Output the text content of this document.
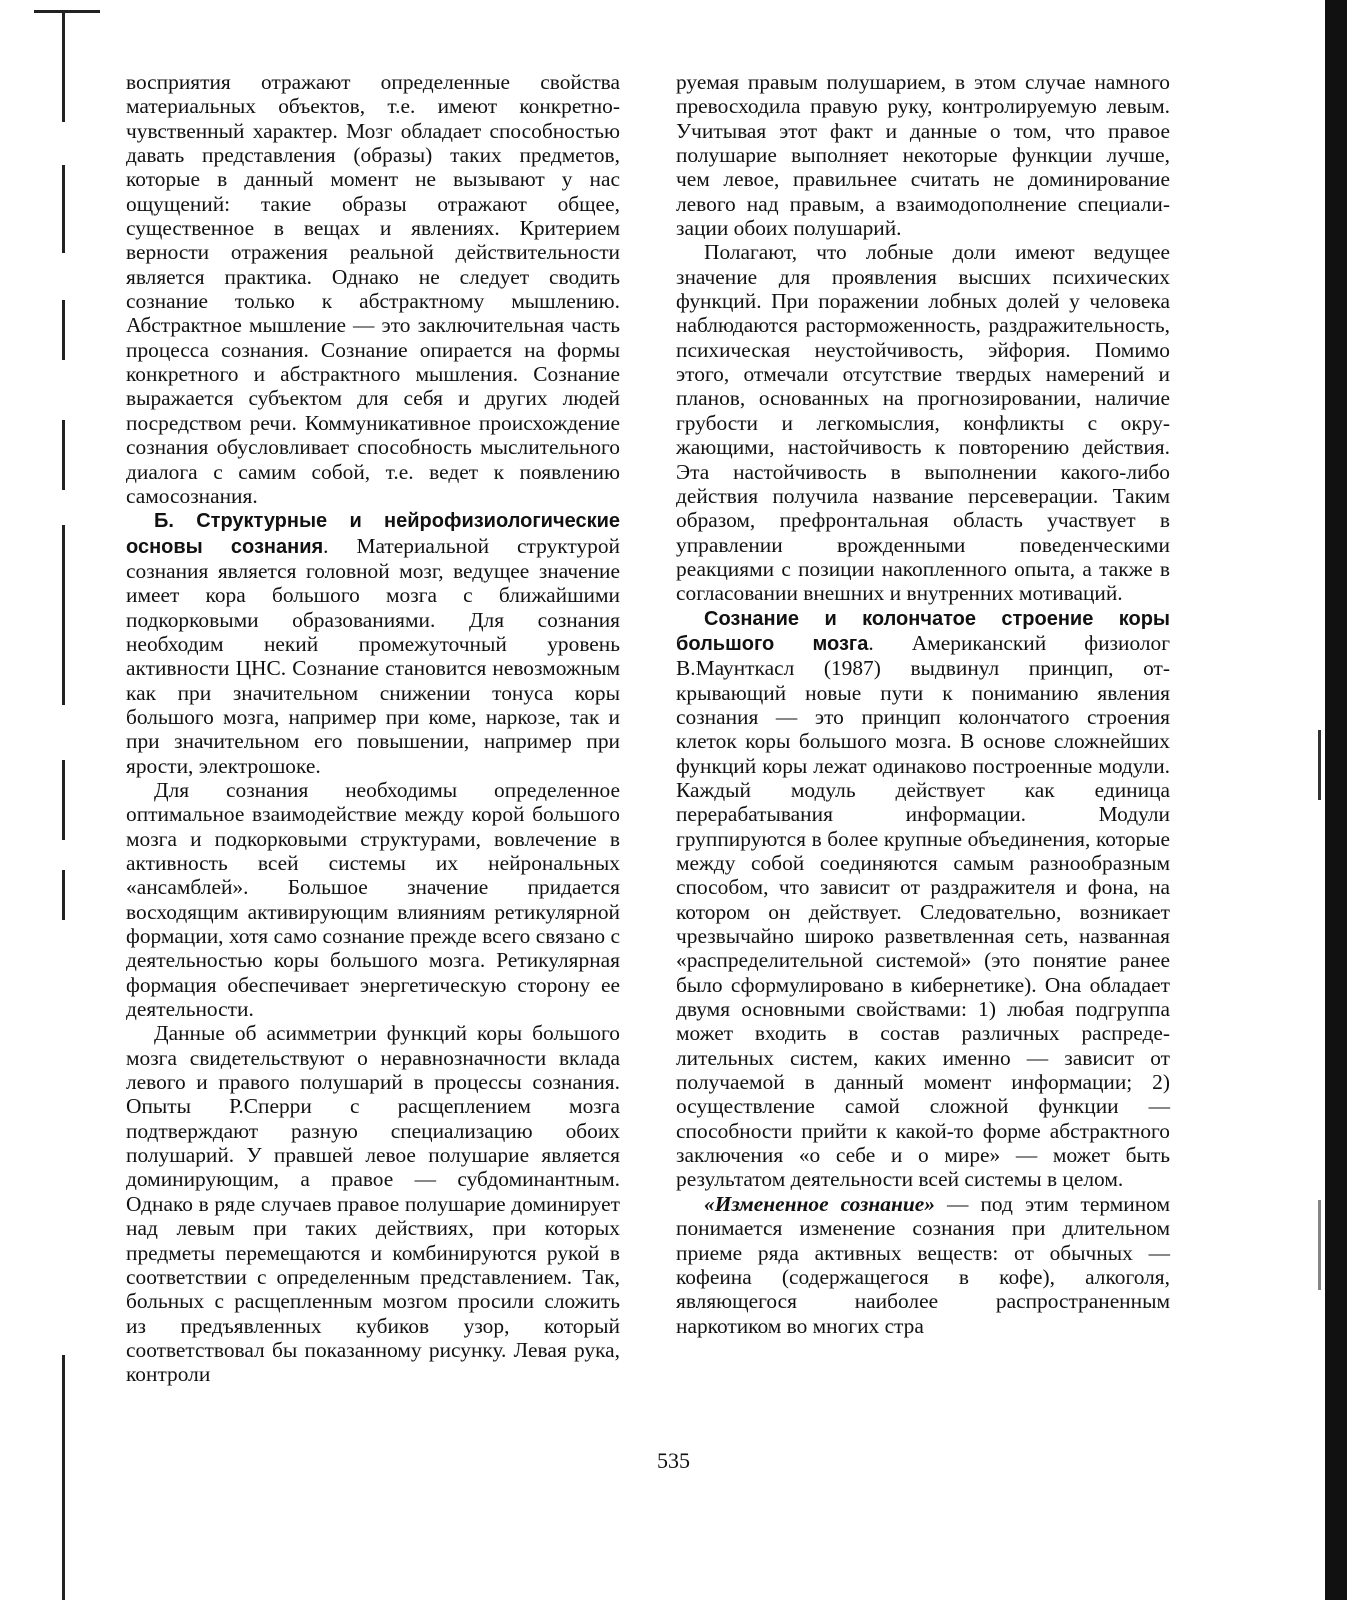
восприятия отражают определенные свойства материальных объектов, т.е. имеют конкретно-чувственный характер. Мозг обладает способностью давать представления (образы) таких предметов, которые в данный момент не вызывают у нас ощущений: такие образы отражают общее, существенное в вещах и явлениях. Критерием верности отражения реальной действительности является практика. Однако не следует сводить сознание только к абстрактному мышлению. Абстрактное мышление — это заключительная часть процесса сознания. Сознание опирается на формы конкретного и абстрактного мышления. Сознание выражается субъектом для себя и других людей посредством речи. Коммуникативное происхождение сознания обусловливает способность мыслительного диалога с самим собой, т.е. ведет к появлению самосознания.

Б. Структурные и нейрофизиологические основы сознания. Материальной структурой сознания является головной мозг, ведущее значение имеет кора большого мозга с ближайшими подкорковыми образованиями. Для сознания необходим некий промежуточный уровень активности ЦНС. Сознание становится невозможным как при значительном снижении тонуса коры большого мозга, например при коме, наркозе, так и при значительном его повышении, например при ярости, электрошоке.

Для сознания необходимы определенное оптимальное взаимодействие между корой большого мозга и подкорковыми структурами, вовлечение в активность всей системы их нейрональных «ансамблей». Большое значение придается восходящим активирующим влияниям ретикулярной формации, хотя само сознание прежде всего связано с деятельностью коры большого мозга. Ретикулярная формация обеспечивает энергетическую сторону ее деятельности.

Данные об асимметрии функций коры большого мозга свидетельствуют о неравнозначности вклада левого и правого полушарий в процессы сознания. Опыты Р.Сперри с расщеплением мозга подтверждают разную специализацию обоих полушарий. У правшей левое полушарие является доминирующим, а правое — субдоминантным. Однако в ряде случаев правое полушарие доминирует над левым при таких действиях, при которых предметы перемещаются и комбинируются рукой в соответствии с определенным представлением. Так, больных с расщепленным мозгом просили сложить из предъявленных кубиков узор, который соответствовал бы показанному рисунку. Левая рука, контроли

руемая правым полушарием, в этом случае намного превосходила правую руку, контролируемую левым. Учитывая этот факт и данные о том, что правое полушарие выполняет некоторые функции лучше, чем левое, правильнее считать не доминирование левого над правым, а взаимодополнение специализации обоих полушарий.

Полагают, что лобные доли имеют ведущее значение для проявления высших психических функций. При поражении лобных долей у человека наблюдаются расторможенность, раздражительность, психическая неустойчивость, эйфория. Помимо этого, отмечали отсутствие твердых намерений и планов, основанных на прогнозировании, наличие грубости и легкомыслия, конфликты с окружающими, настойчивость к повторению действия. Эта настойчивость в выполнении какого-либо действия получила название персеверации. Таким образом, префронтальная область участвует в управлении врожденными поведенческими реакциями с позиции накопленного опыта, а также в согласовании внешних и внутренних мотиваций.

Сознание и колончатое строение коры большого мозга. Американский физиолог В.Маунткасл (1987) выдвинул принцип, открывающий новые пути к пониманию явления сознания — это принцип колончатого строения клеток коры большого мозга. В основе сложнейших функций коры лежат одинаково построенные модули. Каждый модуль действует как единица перерабатывания информации. Модули группируются в более крупные объединения, которые между собой соединяются самым разнообразным способом, что зависит от раздражителя и фона, на котором он действует. Следовательно, возникает чрезвычайно широко разветвленная сеть, названная «распределительной системой» (это понятие ранее было сформулировано в кибернетике). Она обладает двумя основными свойствами: 1) любая подгруппа может входить в состав различных распределительных систем, каких именно — зависит от получаемой в данный момент информации; 2) осуществление самой сложной функции — способности прийти к какой-то форме абстрактного заключения «о себе и о мире» — может быть результатом деятельности всей системы в целом.

«Измененное сознание» — под этим термином понимается изменение сознания при длительном приеме ряда активных веществ: от обычных — кофеина (содержащегося в кофе), алкоголя, являющегося наиболее распространенным наркотиком во многих стра

535
